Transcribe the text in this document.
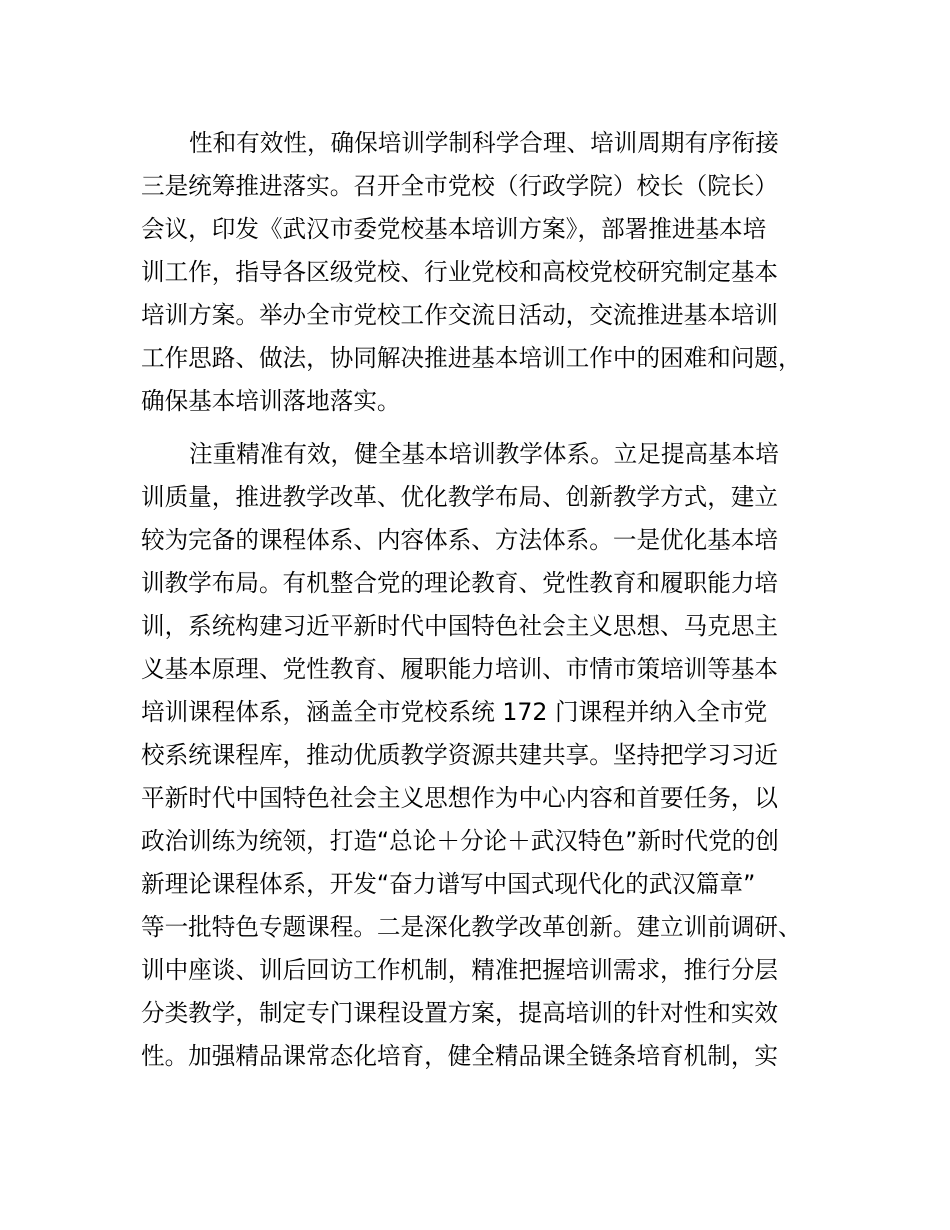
性和有效性，确保培训学制科学合理、培训周期有序衔接
三是统筹推进落实。召开全市党校（行政学院）校长（院长）
会议，印发《武汉市委党校基本培训方案》，部署推进基本培
训工作，指导各区级党校、行业党校和高校党校研究制定基本
培训方案。举办全市党校工作交流日活动，交流推进基本培训
工作思路、做法，协同解决推进基本培训工作中的困难和问题，
确保基本培训落地落实。
注重精准有效，健全基本培训教学体系。立足提高基本培
训质量，推进教学改革、优化教学布局、创新教学方式，建立
较为完备的课程体系、内容体系、方法体系。一是优化基本培
训教学布局。有机整合党的理论教育、党性教育和履职能力培
训，系统构建习近平新时代中国特色社会主义思想、马克思主
义基本原理、党性教育、履职能力培训、市情市策培训等基本
培训课程体系，涵盖全市党校系统 172 门课程并纳入全市党
校系统课程库，推动优质教学资源共建共享。坚持把学习习近
平新时代中国特色社会主义思想作为中心内容和首要任务，以
政治训练为统领，打造“总论＋分论＋武汉特色”新时代党的创
新理论课程体系，开发“奋力谱写中国式现代化的武汉篇章”
等一批特色专题课程。二是深化教学改革创新。建立训前调研、
训中座谈、训后回访工作机制，精准把握培训需求，推行分层
分类教学，制定专门课程设置方案，提高培训的针对性和实效
性。加强精品课常态化培育，健全精品课全链条培育机制，实
